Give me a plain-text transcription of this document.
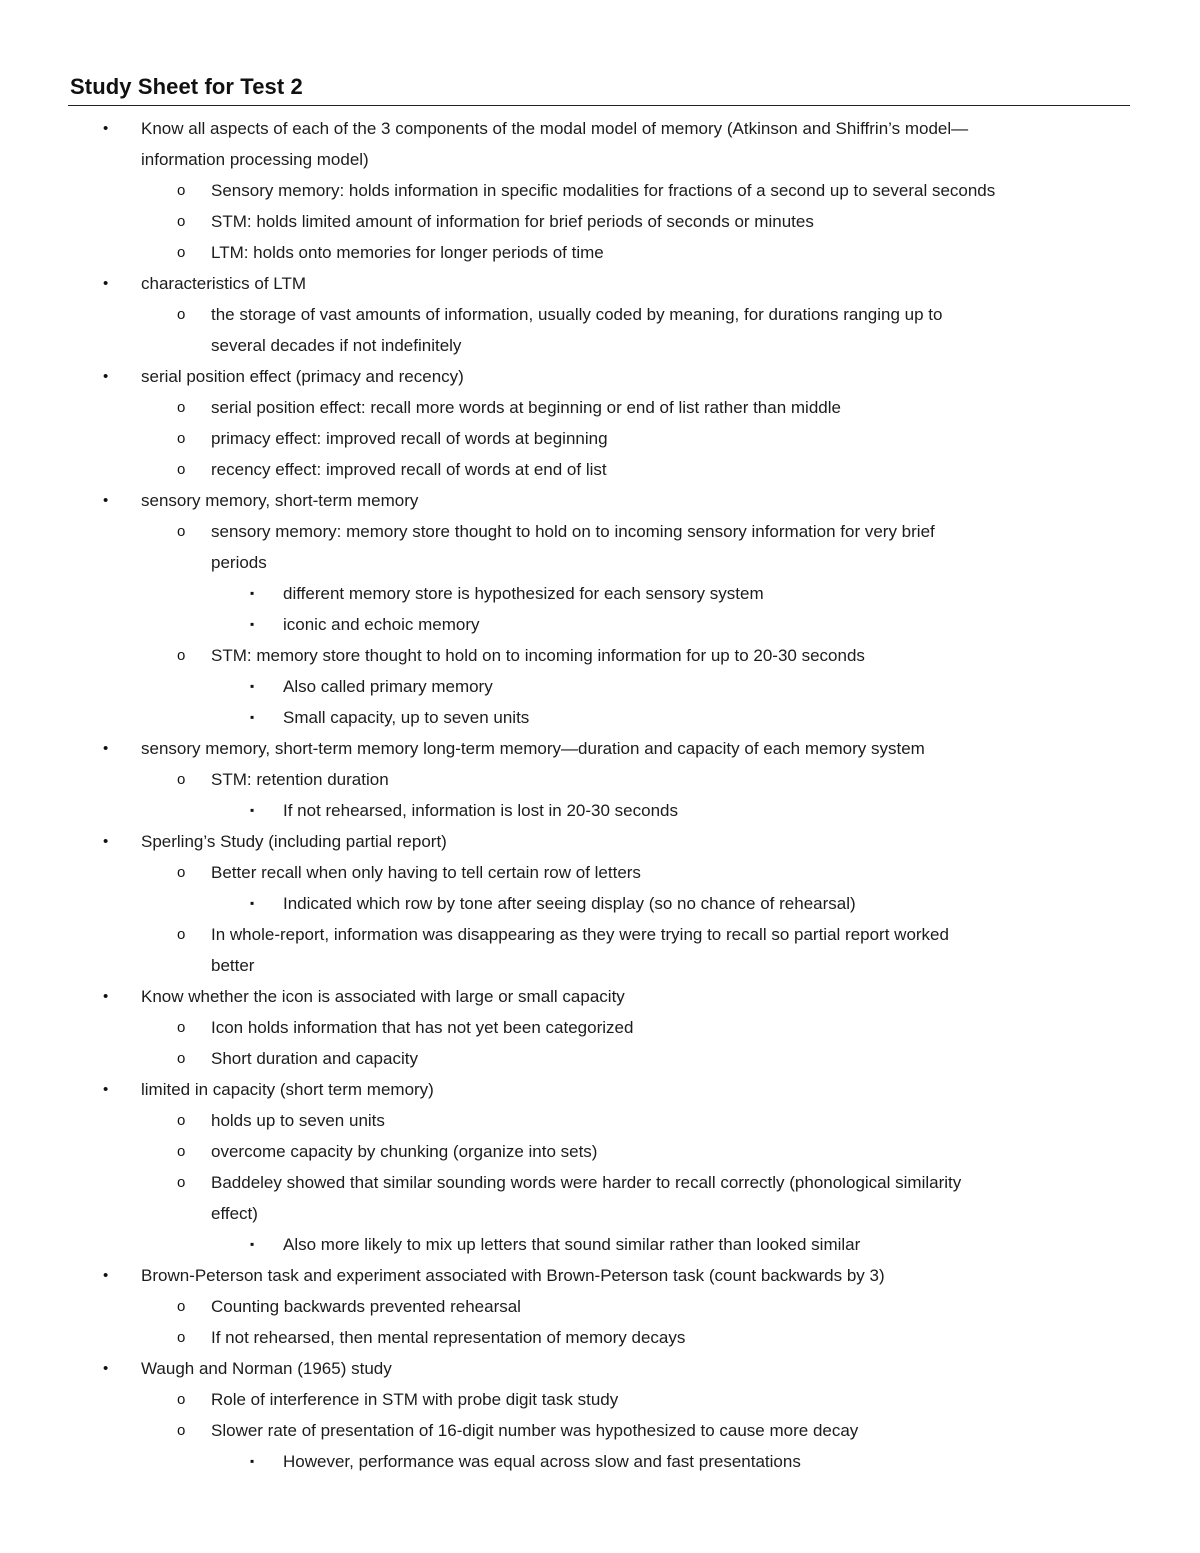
Study Sheet for Test 2
• Know all aspects of each of the 3 components of the modal model of memory (Atkinson and Shiffrin’s model—
information processing model)
o Sensory memory: holds information in specific modalities for fractions of a second up to several seconds
o STM: holds limited amount of information for brief periods of seconds or minutes
o LTM: holds onto memories for longer periods of time
• characteristics of LTM
o the storage of vast amounts of information, usually coded by meaning, for durations ranging up to
several decades if not indefinitely
• serial position effect (primacy and recency)
o serial position effect: recall more words at beginning or end of list rather than middle
o primacy effect: improved recall of words at beginning
o recency effect: improved recall of words at end of list
• sensory memory, short-term memory
o sensory memory: memory store thought to hold on to incoming sensory information for very brief
periods
▪ different memory store is hypothesized for each sensory system
▪ iconic and echoic memory
o STM: memory store thought to hold on to incoming information for up to 20-30 seconds
▪ Also called primary memory
▪ Small capacity, up to seven units
• sensory memory, short-term memory long-term memory—duration and capacity of each memory system
o STM: retention duration
▪ If not rehearsed, information is lost in 20-30 seconds
• Sperling’s Study (including partial report)
o Better recall when only having to tell certain row of letters
▪ Indicated which row by tone after seeing display (so no chance of rehearsal)
o In whole-report, information was disappearing as they were trying to recall so partial report worked
better
• Know whether the icon is associated with large or small capacity
o Icon holds information that has not yet been categorized
o Short duration and capacity
• limited in capacity (short term memory)
o holds up to seven units
o overcome capacity by chunking (organize into sets)
o Baddeley showed that similar sounding words were harder to recall correctly (phonological similarity
effect)
▪ Also more likely to mix up letters that sound similar rather than looked similar
• Brown-Peterson task and experiment associated with Brown-Peterson task (count backwards by 3)
o Counting backwards prevented rehearsal
o If not rehearsed, then mental representation of memory decays
• Waugh and Norman (1965) study
o Role of interference in STM with probe digit task study
o Slower rate of presentation of 16-digit number was hypothesized to cause more decay
▪ However, performance was equal across slow and fast presentations
